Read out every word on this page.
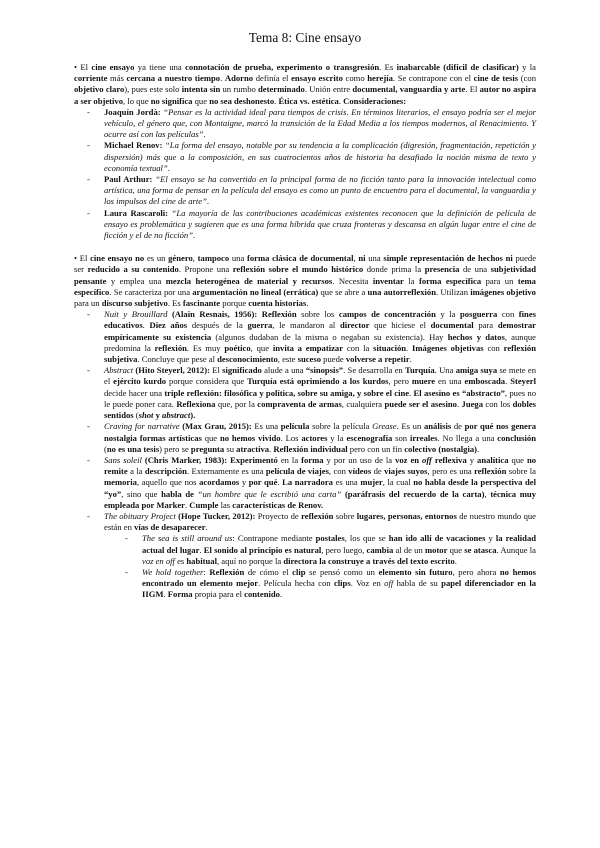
Tema 8: Cine ensayo

• El cine ensayo ya tiene una connotación de prueba, experimento o transgresión. Es inabarcable (difícil de clasificar) y la corriente más cercana a nuestro tiempo. Adorno definía el ensayo escrito como herejía. Se contrapone con el cine de tesis (con objetivo claro), pues este solo intenta sin un rumbo determinado. Unión entre documental, vanguardia y arte. El autor no aspira a ser objetivo, lo que no significa que no sea deshonesto. Ética vs. estética. Consideraciones:

- Joaquín Jordà: “Pensar es la actividad ideal para tiempos de crisis. En términos literarios, el ensayo podría ser el mejor vehículo, el género que, con Montaigne, marcó la transición de la Edad Media a los tiempos modernos, al Renacimiento. Y ocurre así con las películas”.
- Michael Renov: “La forma del ensayo, notable por su tendencia a la complicación (digresión, fragmentación, repetición y dispersión) más que a la composición, en sus cuatrocientos años de historia ha desafiado la noción misma de texto y economía textual”.
- Paul Arthur: “El ensayo se ha convertido en la principal forma de no ficción tanto para la innovación intelectual como artística, una forma de pensar en la película del ensayo es como un punto de encuentro para el documental, la vanguardia y los impulsos del cine de arte”.
- Laura Rascaroli: “La mayoría de las contribuciones académicas existentes reconocen que la definición de película de ensayo es problemática y sugieren que es una forma híbrida que cruza fronteras y descansa en algún lugar entre el cine de ficción y el de no ficción”.

• El cine ensayo no es un género, tampoco una forma clásica de documental, ni una simple representación de hechos ni puede ser reducido a su contenido. Propone una reflexión sobre el mundo histórico donde prima la presencia de una subjetividad pensante y emplea una mezcla heterogénea de material y recursos. Necesita inventar la forma específica para un tema específico. Se caracteriza por una argumentación no lineal (errática) que se abre a una autorreflexión. Utilizan imágenes objetivo para un discurso subjetivo. Es fascinante porque cuenta historias.

- Nuit y Brouillard (Alain Resnais, 1956): Reflexión sobre los campos de concentración y la posguerra con fines educativos. Diez años después de la guerra, le mandaron al director que hiciese el documental para demostrar empíricamente su existencia (algunos dudaban de la misma o negaban su existencia). Hay hechos y datos, aunque predomina la reflexión. Es muy poético, que invita a empatizar con la situación. Imágenes objetivas con reflexión subjetiva. Concluye que pese al desconocimiento, este suceso puede volverse a repetir.
- Abstract (Hito Steyerl, 2012): El significado alude a una “sinopsis”. Se desarrolla en Turquía. Una amiga suya se mete en el ejército kurdo porque considera que Turquía está oprimiendo a los kurdos, pero muere en una emboscada. Steyerl decide hacer una triple reflexión: filosófica y política, sobre su amiga, y sobre el cine. El asesino es “abstracto”, pues no le puede poner cara. Reflexiona que, por la compraventa de armas, cualquiera puede ser el asesino. Juega con los dobles sentidos (shot y abstract).
- Craving for narrative (Max Grau, 2015): Es una película sobre la película Grease. Es un análisis de por qué nos genera nostalgia formas artísticas que no hemos vivido. Los actores y la escenografía son irreales. No llega a una conclusión (no es una tesis) pero se pregunta su atractiva. Reflexión individual pero con un fin colectivo (nostalgia).
- Sans soleil (Chris Marker, 1983): Experimentó en la forma y por un uso de la voz en off reflexiva y analítica que no remite a la descripción. Externamente es una película de viajes, con vídeos de viajes suyos, pero es una reflexión sobre la memoria, aquello que nos acordamos y por qué. La narradora es una mujer, la cual no habla desde la perspectiva del “yo”, sino que habla de “un hombre que le escribió una carta” (paráfrasis del recuerdo de la carta), técnica muy empleada por Marker. Cumple las características de Renov.
- The obituary Project (Hope Tucker, 2012): Proyecto de reflexión sobre lugares, personas, entornos de nuestro mundo que están en vías de desaparecer.
- The sea is still around us: Contrapone mediante postales, los que se han ido allí de vacaciones y la realidad actual del lugar. El sonido al principio es natural, pero luego, cambia al de un motor que se atasca. Aunque la voz en off es habitual, aquí no porque la directora la construye a través del texto escrito.
- We hold together: Reflexión de cómo el clip se pensó como un elemento sin futuro, pero ahora no hemos encontrado un elemento mejor. Película hecha con clips. Voz en off habla de su papel diferenciador en la IIGM. Forma propia para el contenido.
